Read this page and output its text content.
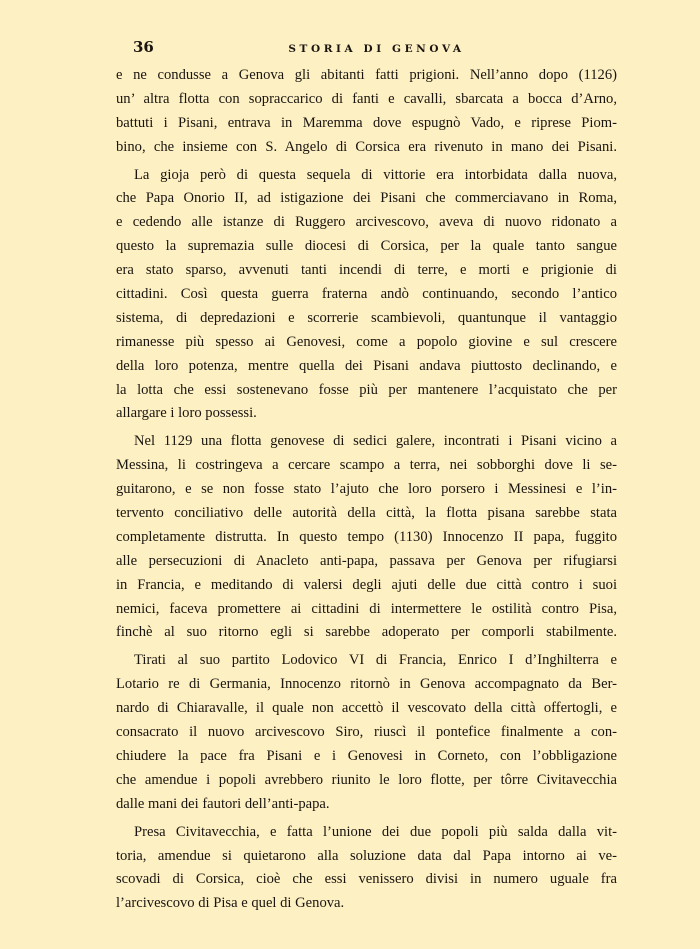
36	STORIA DI GENOVA
e ne condusse a Genova gli abitanti fatti prigioni. Nell’anno dopo (1126)
un’ altra flotta con sopraccarico di fanti e cavalli, sbarcata a bocca d’Arno,
battuti i Pisani, entrava in Maremma dove espugnò Vado, e riprese Piom-
bino, che insieme con S. Angelo di Corsica era rivenuto in mano dei Pisani.
La gioja però di questa sequela di vittorie era intorbidata dalla nuova,
che Papa Onorio II, ad istigazione dei Pisani che commerciavano in Roma,
e cedendo alle istanze di Ruggero arcivescovo, aveva di nuovo ridonato a
questo la supremazia sulle diocesi di Corsica, per la quale tanto sangue
era stato sparso, avvenuti tanti incendi di terre, e morti e prigionie di
cittadini. Così questa guerra fraterna andò continuando, secondo l’antico
sistema, di depredazioni e scorrerie scambievoli, quantunque il vantaggio
rimanesse più spesso ai Genovesi, come a popolo giovine e sul crescere
della loro potenza, mentre quella dei Pisani andava piuttosto declinando, e
la lotta che essi sostenevano fosse più per mantenere l’acquistato che per
allargare i loro possessi.
Nel 1129 una flotta genovese di sedici galere, incontrati i Pisani vicino a
Messina, li costringeva a cercare scampo a terra, nei sobborghi dove li se-
guitarono, e se non fosse stato l’ajuto che loro porsero i Messinesi e l’in-
tervento conciliativo delle autorità della città, la flotta pisana sarebbe stata
completamente distrutta. In questo tempo (1130) Innocenzo II papa, fuggito
alle persecuzioni di Anacleto anti-papa, passava per Genova per rifugiarsi
in Francia, e meditando di valersi degli ajuti delle due città contro i suoi
nemici, faceva promettere ai cittadini di intermettere le ostilità contro Pisa,
finchè al suo ritorno egli si sarebbe adoperato per comporli stabilmente.
Tirati al suo partito Lodovico VI di Francia, Enrico I d’Inghilterra e
Lotario re di Germania, Innocenzo ritornò in Genova accompagnato da Ber-
nardo di Chiaravalle, il quale non accettò il vescovato della città offertogli, e
consacrato il nuovo arcivescovo Siro, riuscì il pontefice finalmente a con-
chiudere la pace fra Pisani e i Genovesi in Corneto, con l’obbligazione
che amendue i popoli avrebbero riunito le loro flotte, per tôrre Civitavecchia
dalle mani dei fautori dell’anti-papa.
Presa Civitavecchia, e fatta l’unione dei due popoli più salda dalla vit-
toria, amendue si quietarono alla soluzione data dal Papa intorno ai ve-
scovadi di Corsica, cioè che essi venissero divisi in numero uguale fra
l’arcivescovo di Pisa e quel di Genova.
